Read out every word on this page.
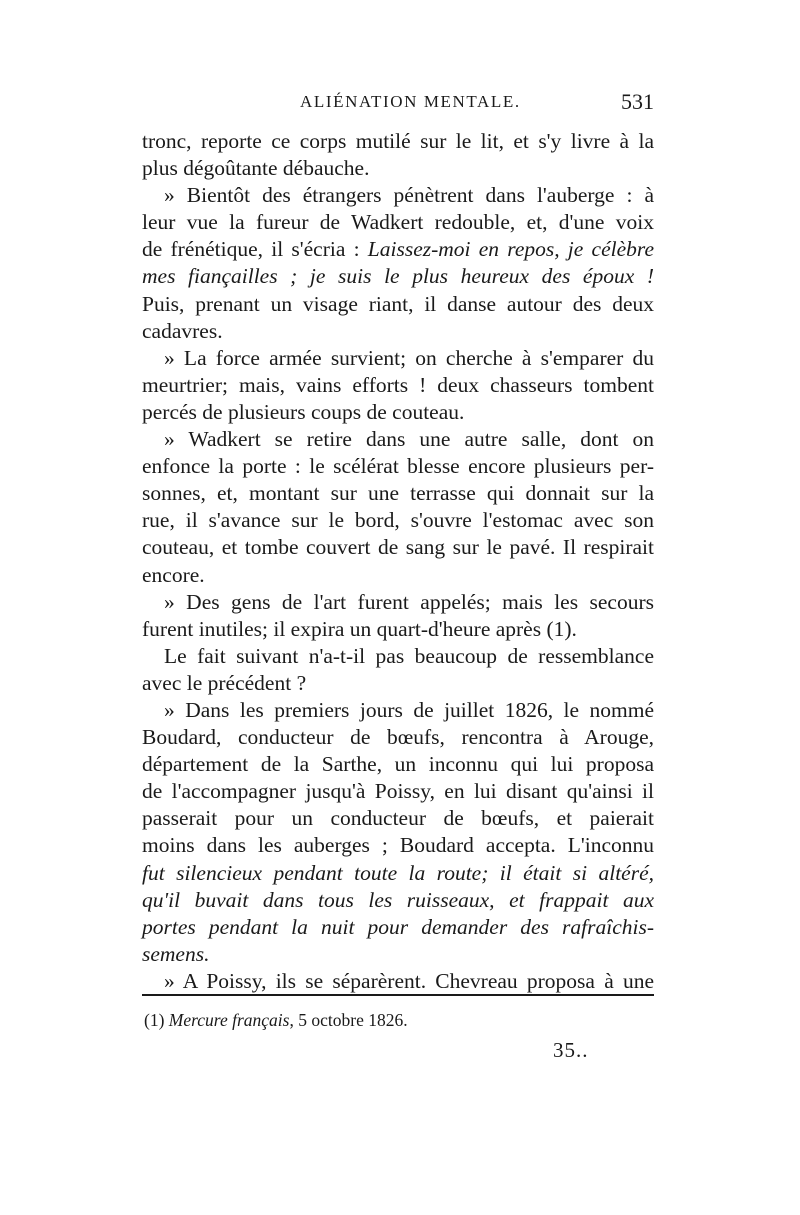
ALIÉNATION MENTALE.	531
tronc, reporte ce corps mutilé sur le lit, et s'y livre à la
plus dégoûtante débauche.
» Bientôt des étrangers pénètrent dans l'auberge : à
leur vue la fureur de Wadkert redouble, et, d'une voix
de frénétique, il s'écria : Laissez-moi en repos, je célèbre
mes fiançailles ; je suis le plus heureux des époux !
Puis, prenant un visage riant, il danse autour des deux
cadavres.
» La force armée survient; on cherche à s'emparer du
meurtrier; mais, vains efforts ! deux chasseurs tombent
percés de plusieurs coups de couteau.
» Wadkert se retire dans une autre salle, dont on
enfonce la porte : le scélérat blesse encore plusieurs per-
sonnes, et, montant sur une terrasse qui donnait sur la
rue, il s'avance sur le bord, s'ouvre l'estomac avec son
couteau, et tombe couvert de sang sur le pavé. Il respirait
encore.
» Des gens de l'art furent appelés; mais les secours
furent inutiles; il expira un quart-d'heure après (1).
Le fait suivant n'a-t-il pas beaucoup de ressemblance
avec le précédent ?
» Dans les premiers jours de juillet 1826, le nommé
Boudard, conducteur de bœufs, rencontra à Arouge,
département de la Sarthe, un inconnu qui lui proposa
de l'accompagner jusqu'à Poissy, en lui disant qu'ainsi il
passerait pour un conducteur de bœufs, et paierait
moins dans les auberges ; Boudard accepta. L'inconnu
fut silencieux pendant toute la route; il était si altéré,
qu'il buvait dans tous les ruisseaux, et frappait aux
portes pendant la nuit pour demander des rafraîchis-
semens.
» A Poissy, ils se séparèrent. Chevreau proposa à une
(1) Mercure français, 5 octobre 1826.
35..
